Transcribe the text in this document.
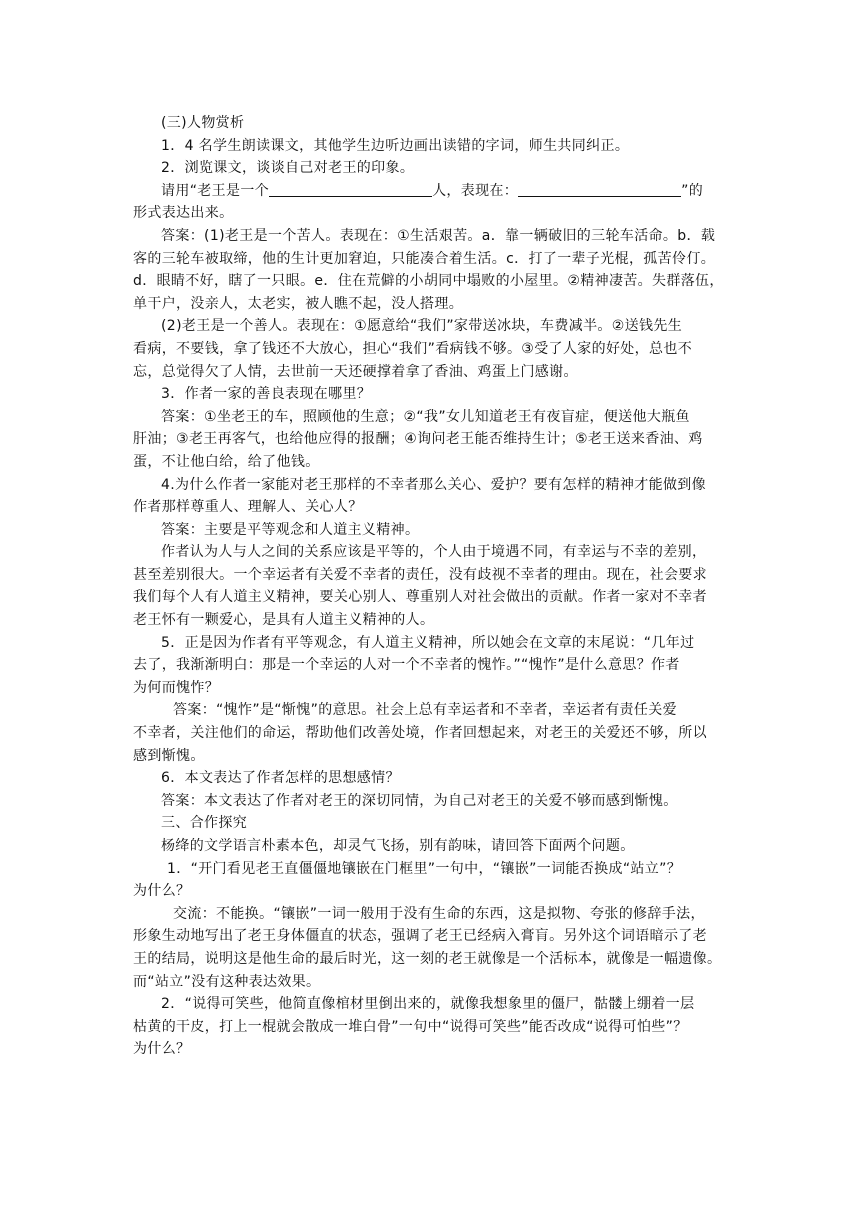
(三)人物赏析
1．4 名学生朗读课文，其他学生边听边画出读错的字词，师生共同纠正。
2．浏览课文，谈谈自己对老王的印象。
请用“老王是一个	人，表现在：	”的
形式表达出来。
答案：(1)老王是一个苦人。表现在：①生活艰苦。a．靠一辆破旧的三轮车活命。b．载
客的三轮车被取缔，他的生计更加窘迫，只能凑合着生活。c．打了一辈子光棍，孤苦伶仃。
d．眼睛不好，瞎了一只眼。e．住在荒僻的小胡同中塌败的小屋里。②精神凄苦。失群落伍，
单干户，没亲人，太老实，被人瞧不起，没人搭理。
(2)老王是一个善人。表现在：①愿意给“我们”家带送冰块，车费减半。②送钱先生
看病，不要钱，拿了钱还不大放心，担心“我们”看病钱不够。③受了人家的好处，总也不
忘，总觉得欠了人情，去世前一天还硬撑着拿了香油、鸡蛋上门感谢。
3．作者一家的善良表现在哪里？
答案：①坐老王的车，照顾他的生意；②“我”女儿知道老王有夜盲症，便送他大瓶鱼
肝油；③老王再客气，也给他应得的报酬；④询问老王能否维持生计；⑤老王送来香油、鸡
蛋，不让他白给，给了他钱。
4.为什么作者一家能对老王那样的不幸者那么关心、爱护？要有怎样的精神才能做到像
作者那样尊重人、理解人、关心人？
答案：主要是平等观念和人道主义精神。
作者认为人与人之间的关系应该是平等的，个人由于境遇不同，有幸运与不幸的差别，
甚至差别很大。一个幸运者有关爱不幸者的责任，没有歧视不幸者的理由。现在，社会要求
我们每个人有人道主义精神，要关心别人、尊重别人对社会做出的贡献。作者一家对不幸者
老王怀有一颗爱心，是具有人道主义精神的人。
5．正是因为作者有平等观念，有人道主义精神，所以她会在文章的末尾说：“几年过
去了，我渐渐明白：那是一个幸运的人对一个不幸者的愧怍。”“愧怍”是什么意思？作者
为何而愧怍？
答案：“愧怍”是“惭愧”的意思。社会上总有幸运者和不幸者，幸运者有责任关爱
不幸者，关注他们的命运，帮助他们改善处境，作者回想起来，对老王的关爱还不够，所以
感到惭愧。
6．本文表达了作者怎样的思想感情？
答案：本文表达了作者对老王的深切同情，为自己对老王的关爱不够而感到惭愧。
三、合作探究
杨绛的文学语言朴素本色，却灵气飞扬，别有韵味，请回答下面两个问题。
1．“开门看见老王直僵僵地镶嵌在门框里”一句中，“镶嵌”一词能否换成“站立”？
为什么？
交流：不能换。“镶嵌”一词一般用于没有生命的东西，这是拟物、夸张的修辞手法，
形象生动地写出了老王身体僵直的状态，强调了老王已经病入膏肓。另外这个词语暗示了老
王的结局，说明这是他生命的最后时光，这一刻的老王就像是一个活标本，就像是一幅遗像。
而“站立”没有这种表达效果。
2．“说得可笑些，他简直像棺材里倒出来的，就像我想象里的僵尸，骷髅上绷着一层
枯黄的干皮，打上一棍就会散成一堆白骨”一句中“说得可笑些”能否改成“说得可怕些”？
为什么？
